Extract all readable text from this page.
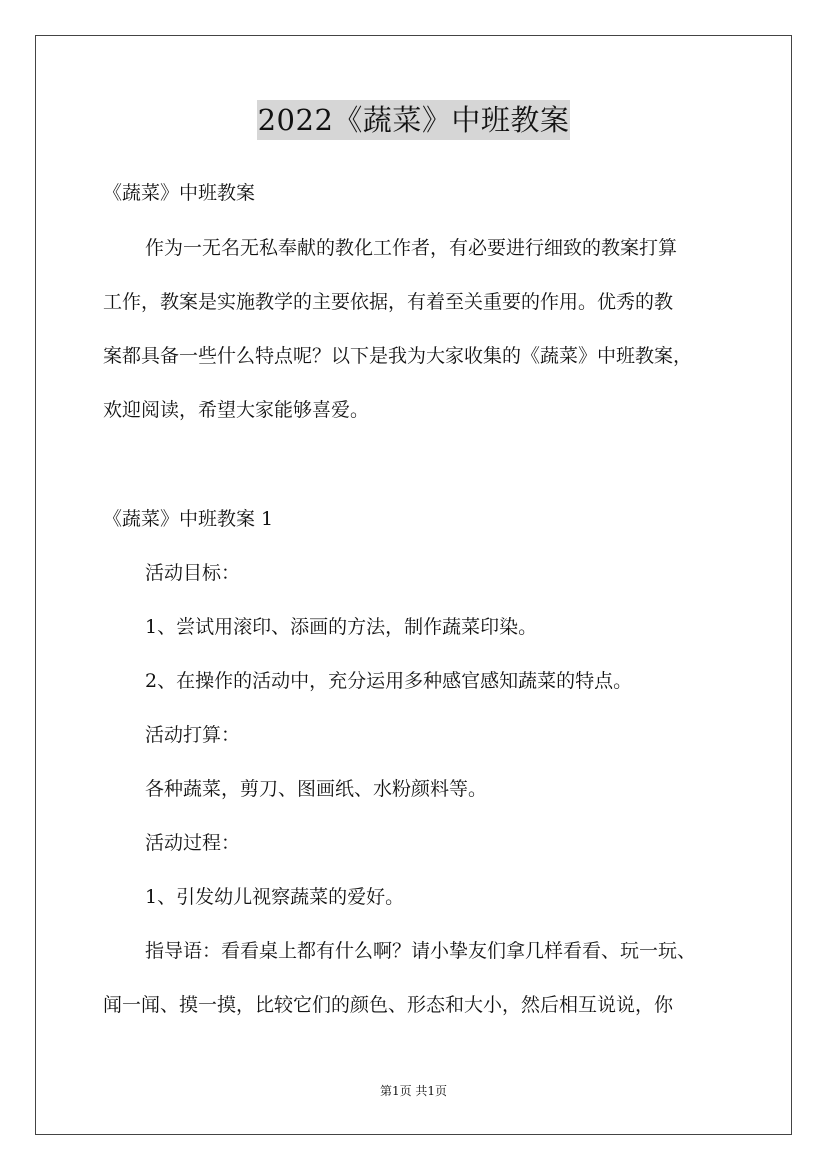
2022《蔬菜》中班教案
《蔬菜》中班教案
作为一无名无私奉献的教化工作者，有必要进行细致的教案打算
工作，教案是实施教学的主要依据，有着至关重要的作用。优秀的教
案都具备一些什么特点呢？以下是我为大家收集的《蔬菜》中班教案，
欢迎阅读，希望大家能够喜爱。
《蔬菜》中班教案 1
活动目标：
1、尝试用滚印、添画的方法，制作蔬菜印染。
2、在操作的活动中，充分运用多种感官感知蔬菜的特点。
活动打算：
各种蔬菜，剪刀、图画纸、水粉颜料等。
活动过程：
1、引发幼儿视察蔬菜的爱好。
指导语：看看桌上都有什么啊？请小挚友们拿几样看看、玩一玩、
闻一闻、摸一摸，比较它们的颜色、形态和大小，然后相互说说，你
第1页 共1页
